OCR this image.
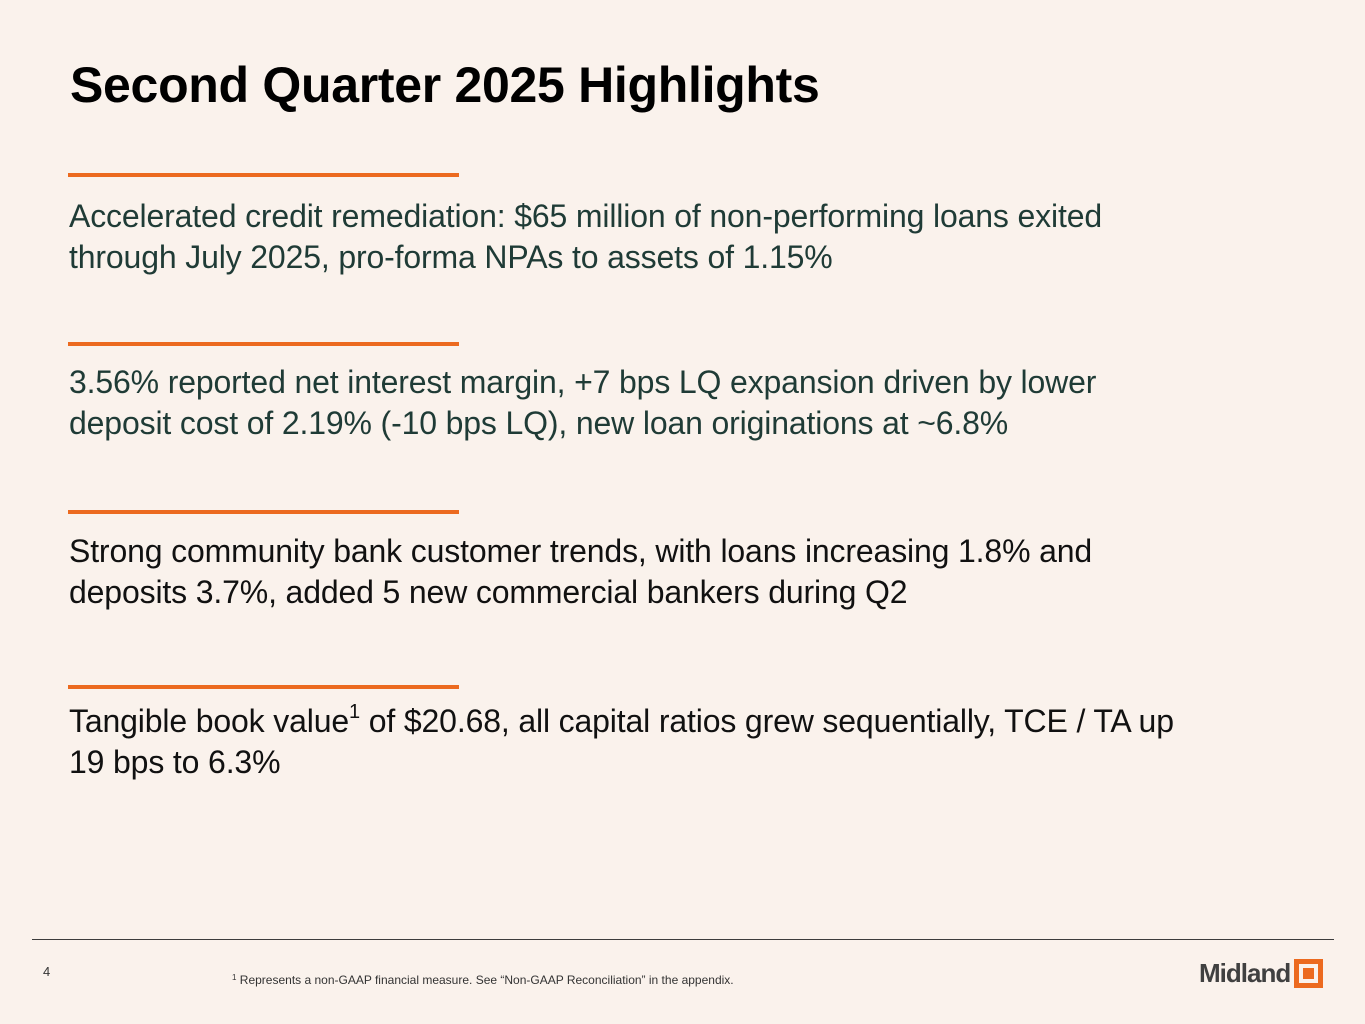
Second Quarter 2025 Highlights

Accelerated credit remediation: $65 million of non-performing loans exited
through July 2025, pro-forma NPAs to assets of 1.15%

3.56% reported net interest margin, +7 bps LQ expansion driven by lower
deposit cost of 2.19% (-10 bps LQ), new loan originations at ~6.8%

Strong community bank customer trends, with loans increasing 1.8% and
deposits 3.7%, added 5 new commercial bankers during Q2

Tangible book value$^1$ of $20.68, all capital ratios grew sequentially, TCE / TA up
19 bps to 6.3%

4	$^1$ Represents a non-GAAP financial measure. See “Non-GAAP Reconciliation” in the appendix.	Midland
